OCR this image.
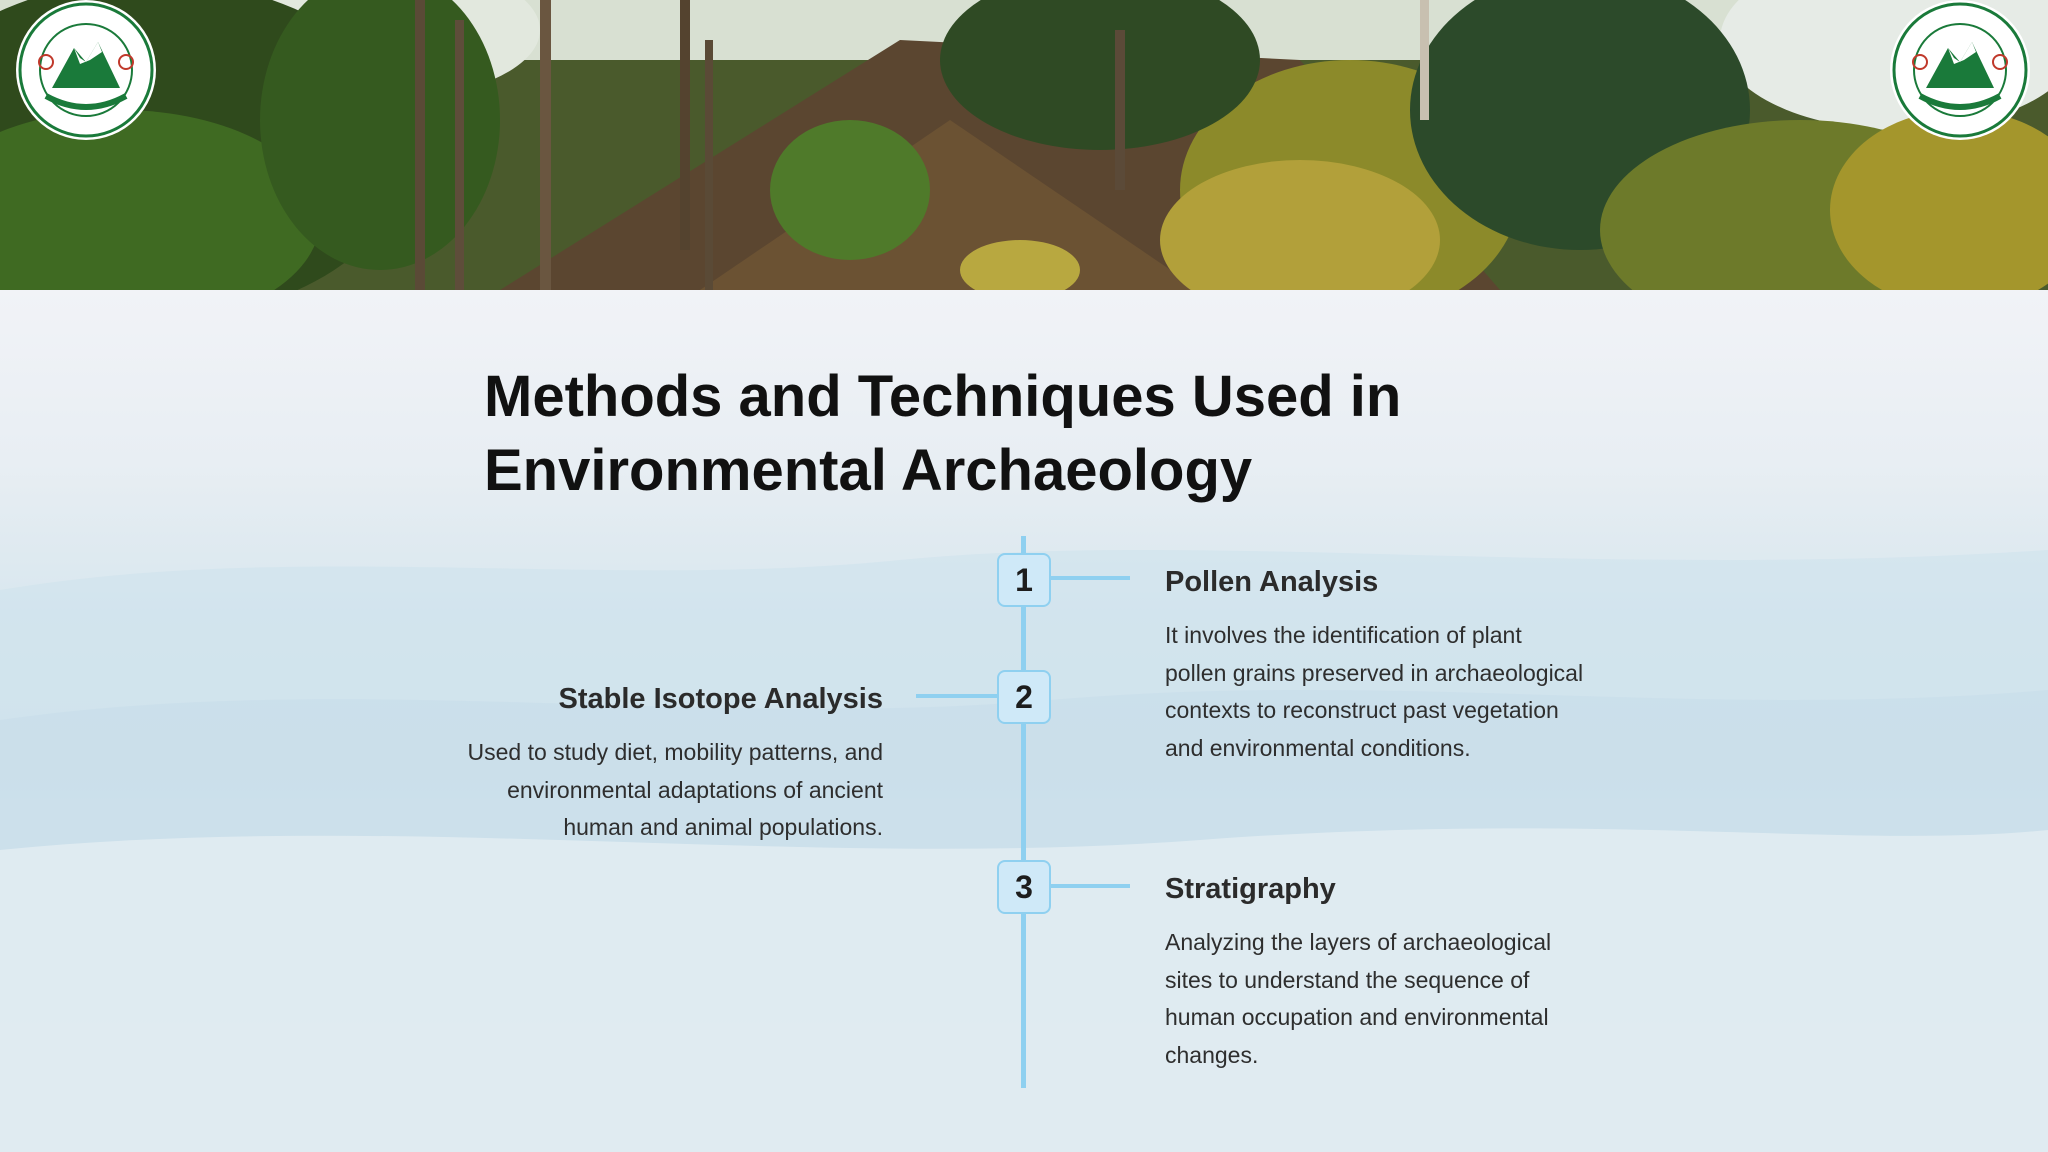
Methods and Techniques Used in
Environmental Archaeology
1	Pollen Analysis
It involves the identification of plant pollen grains preserved in archaeological contexts to reconstruct past vegetation and environmental conditions.
2
Stable Isotope Analysis
Used to study diet, mobility patterns, and environmental adaptations of ancient human and animal populations.
3	Stratigraphy
Analyzing the layers of archaeological sites to understand the sequence of human occupation and environmental changes.
